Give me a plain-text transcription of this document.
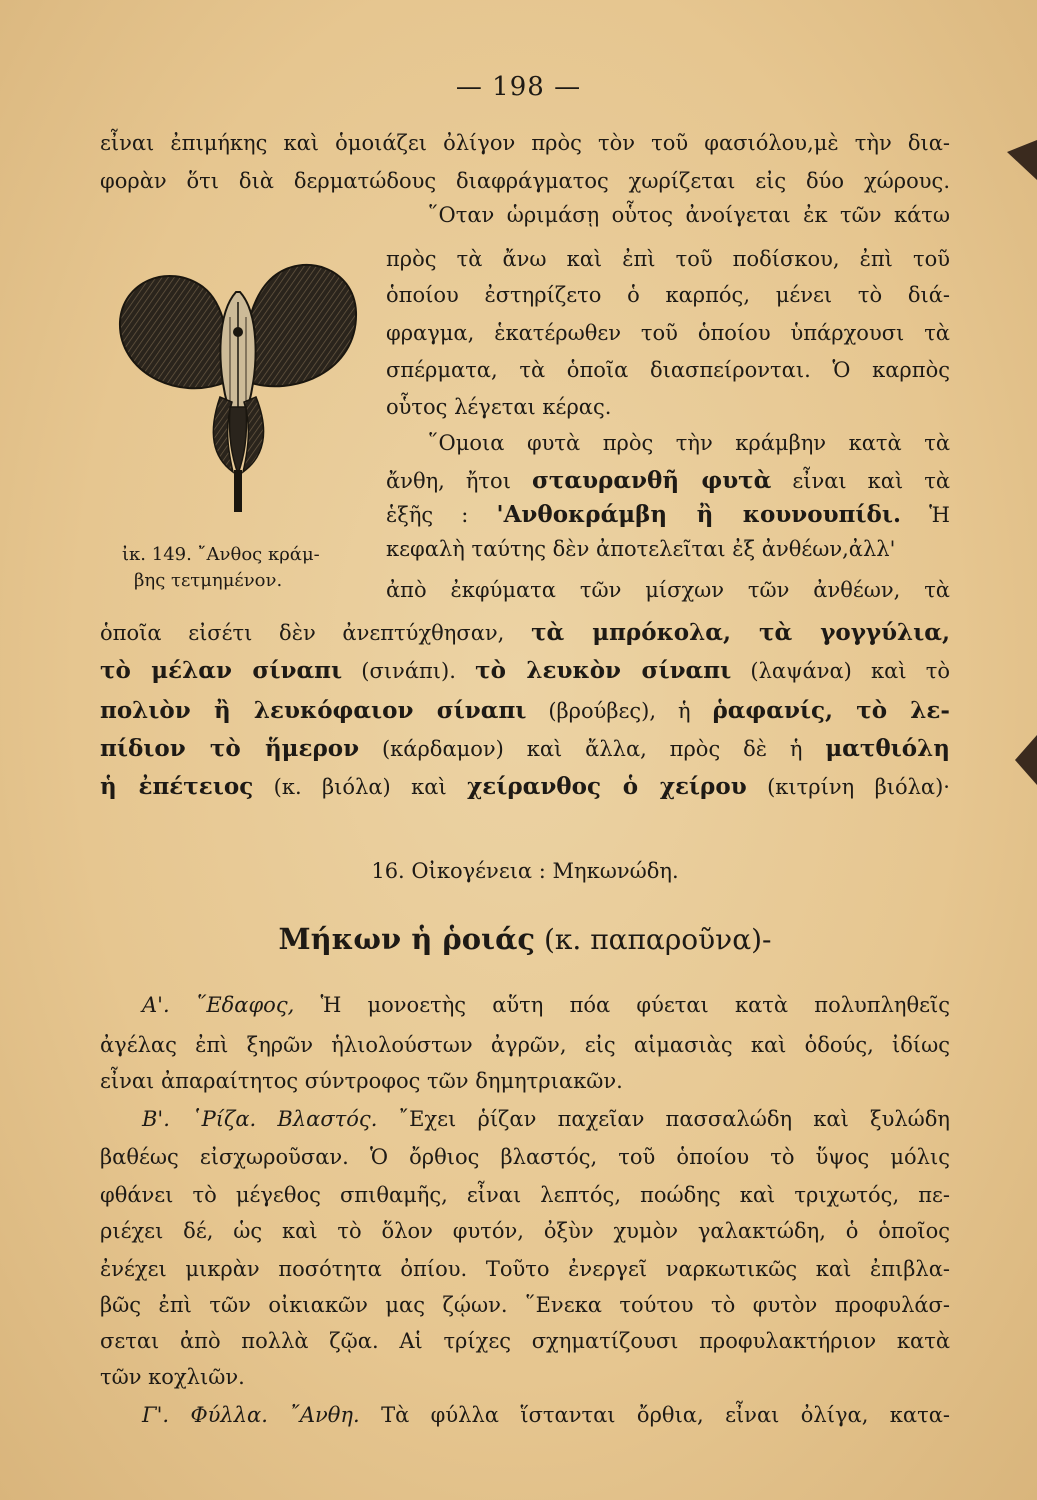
— 198 —
εἶναι ἐπιμήκης καὶ ὁμοιάζει ὀλίγον πρὸς τὸν τοῦ φασιόλου,μὲ τὴν δια-
φορὰν ὅτι διὰ δερματώδους διαφράγματος χωρίζεται εἰς δύο χώρους.
῞Οταν ὡριμάσῃ οὗτος ἀνοίγεται ἐκ τῶν κάτω
πρὸς τὰ ἄνω καὶ ἐπὶ τοῦ ποδίσκου, ἐπὶ τοῦ
ὁποίου ἐστηρίζετο ὁ καρπός, μένει τὸ διά-
φραγμα, ἑκατέρωθεν τοῦ ὁποίου ὑπάρχουσι τὰ
σπέρματα, τὰ ὁποῖα διασπείρονται. Ὁ καρπὸς
οὗτος λέγεται κέρας.
῞Ομοια φυτὰ πρὸς τὴν κράμβην κατὰ τὰ
ἄνθη, ἤτοι σταυρανθῆ φυτὰ εἶναι καὶ τὰ
ἑξῆς : 'Ανθοκράμβη ἢ κουνουπίδι. Ἡ
κεφαλὴ ταύτης δὲν ἀποτελεῖται ἐξ ἀνθέων,ἀλλ'
ἀπὸ ἐκφύματα τῶν μίσχων τῶν ἀνθέων, τὰ
ἰκ. 149. ῎Ανθος κράμ-
βης τετμημένον.
ὁποῖα εἰσέτι δὲν ἀνεπτύχθησαν, τὰ μπρόκολα, τὰ γογγύλια,
τὸ μέλαν σίναπι (σινάπι). τὸ λευκὸν σίναπι (λαψάνα) καὶ τὸ
πολιὸν ἢ λευκόφαιον σίναπι (βρούβες), ἡ ῥαφανίς, τὸ λε-
πίδιον τὸ ἥμερον (κάρδαμον) καὶ ἄλλα, πρὸς δὲ ἡ ματθιόλη
ἡ ἐπέτειος (κ. βιόλα) καὶ χείρανθος ὁ χείρου (κιτρίνη βιόλα)·
16. Οἰκογένεια : Μηκωνώδη.
Μήκων ἡ ῥοιάς (κ. παπαροῦνα)-
Α'. ῞Εδαφος, Ἡ μονοετὴς αὕτη πόα φύεται κατὰ πολυπληθεῖς
ἀγέλας ἐπὶ ξηρῶν ἡλιολούστων ἀγρῶν, εἰς αἱμασιὰς καὶ ὁδούς, ἰδίως
εἶναι ἀπαραίτητος σύντροφος τῶν δημητριακῶν.
Β'. ῾Ρίζα. Βλαστός. ῎Εχει ῥίζαν παχεῖαν πασσαλώδη καὶ ξυλώδη
βαθέως εἰσχωροῦσαν. Ὁ ὄρθιος βλαστός, τοῦ ὁποίου τὸ ὕψος μόλις
φθάνει τὸ μέγεθος σπιθαμῆς, εἶναι λεπτός, ποώδης καὶ τριχωτός, πε-
ριέχει δέ, ὡς καὶ τὸ ὅλον φυτόν, ὀξὺν χυμὸν γαλακτώδη, ὁ ὁποῖος
ἐνέχει μικρὰν ποσότητα ὀπίου. Τοῦτο ἐνεργεῖ ναρκωτικῶς καὶ ἐπιβλα-
βῶς ἐπὶ τῶν οἰκιακῶν μας ζῴων. ῞Ενεκα τούτου τὸ φυτὸν προφυλάσ-
σεται ἀπὸ πολλὰ ζῷα. Αἱ τρίχες σχηματίζουσι προφυλακτήριον κατὰ
τῶν κοχλιῶν.
Γ'. Φύλλα. ῎Ανθη. Τὰ φύλλα ἵστανται ὄρθια, εἶναι ὀλίγα, κατα-
